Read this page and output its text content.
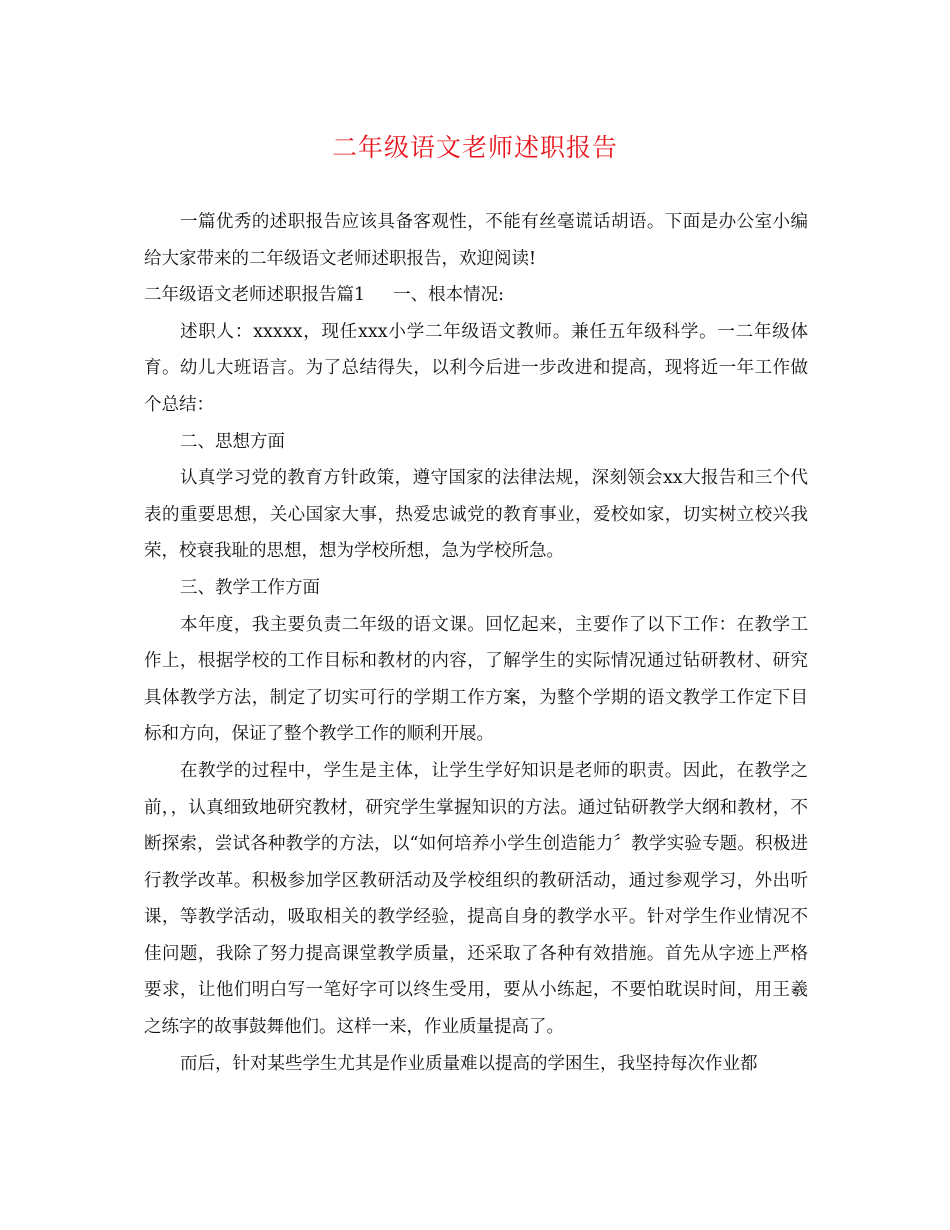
二年级语文老师述职报告

一篇优秀的述职报告应该具备客观性，不能有丝毫谎话胡语。下面是办公室小编给大家带来的二年级语文老师述职报告，欢迎阅读!

二年级语文老师述职报告篇1 一、根本情况:

述职人：xxxxx，现任xxx小学二年级语文教师。兼任五年级科学。一二年级体育。幼儿大班语言。为了总结得失，以利今后进一步改进和提高，现将近一年工作做个总结：

二、思想方面

认真学习党的教育方针政策，遵守国家的法律法规，深刻领会xx大报告和三个代表的重要思想，关心国家大事，热爱忠诚党的教育事业，爱校如家，切实树立校兴我荣，校衰我耻的思想，想为学校所想，急为学校所急。

三、教学工作方面

本年度，我主要负责二年级的语文课。回忆起来，主要作了以下工作：在教学工作上，根据学校的工作目标和教材的内容，了解学生的实际情况通过钻研教材、研究具体教学方法，制定了切实可行的学期工作方案，为整个学期的语文教学工作定下目标和方向，保证了整个教学工作的顺利开展。

在教学的过程中，学生是主体，让学生学好知识是老师的职责。因此，在教学之前，，认真细致地研究教材，研究学生掌握知识的方法。通过钻研教学大纲和教材，不断探索，尝试各种教学的方法，以“如何培养小学生创造能力〞教学实验专题。积极进行教学改革。积极参加学区教研活动及学校组织的教研活动，通过参观学习，外出听课，等教学活动，吸取相关的教学经验，提高自身的教学水平。针对学生作业情况不佳问题，我除了努力提高课堂教学质量，还采取了各种有效措施。首先从字迹上严格要求，让他们明白写一笔好字可以终生受用，要从小练起，不要怕耽误时间，用王羲之练字的故事鼓舞他们。这样一来，作业质量提高了。

而后，针对某些学生尤其是作业质量难以提高的学困生，我坚持每次作业都
